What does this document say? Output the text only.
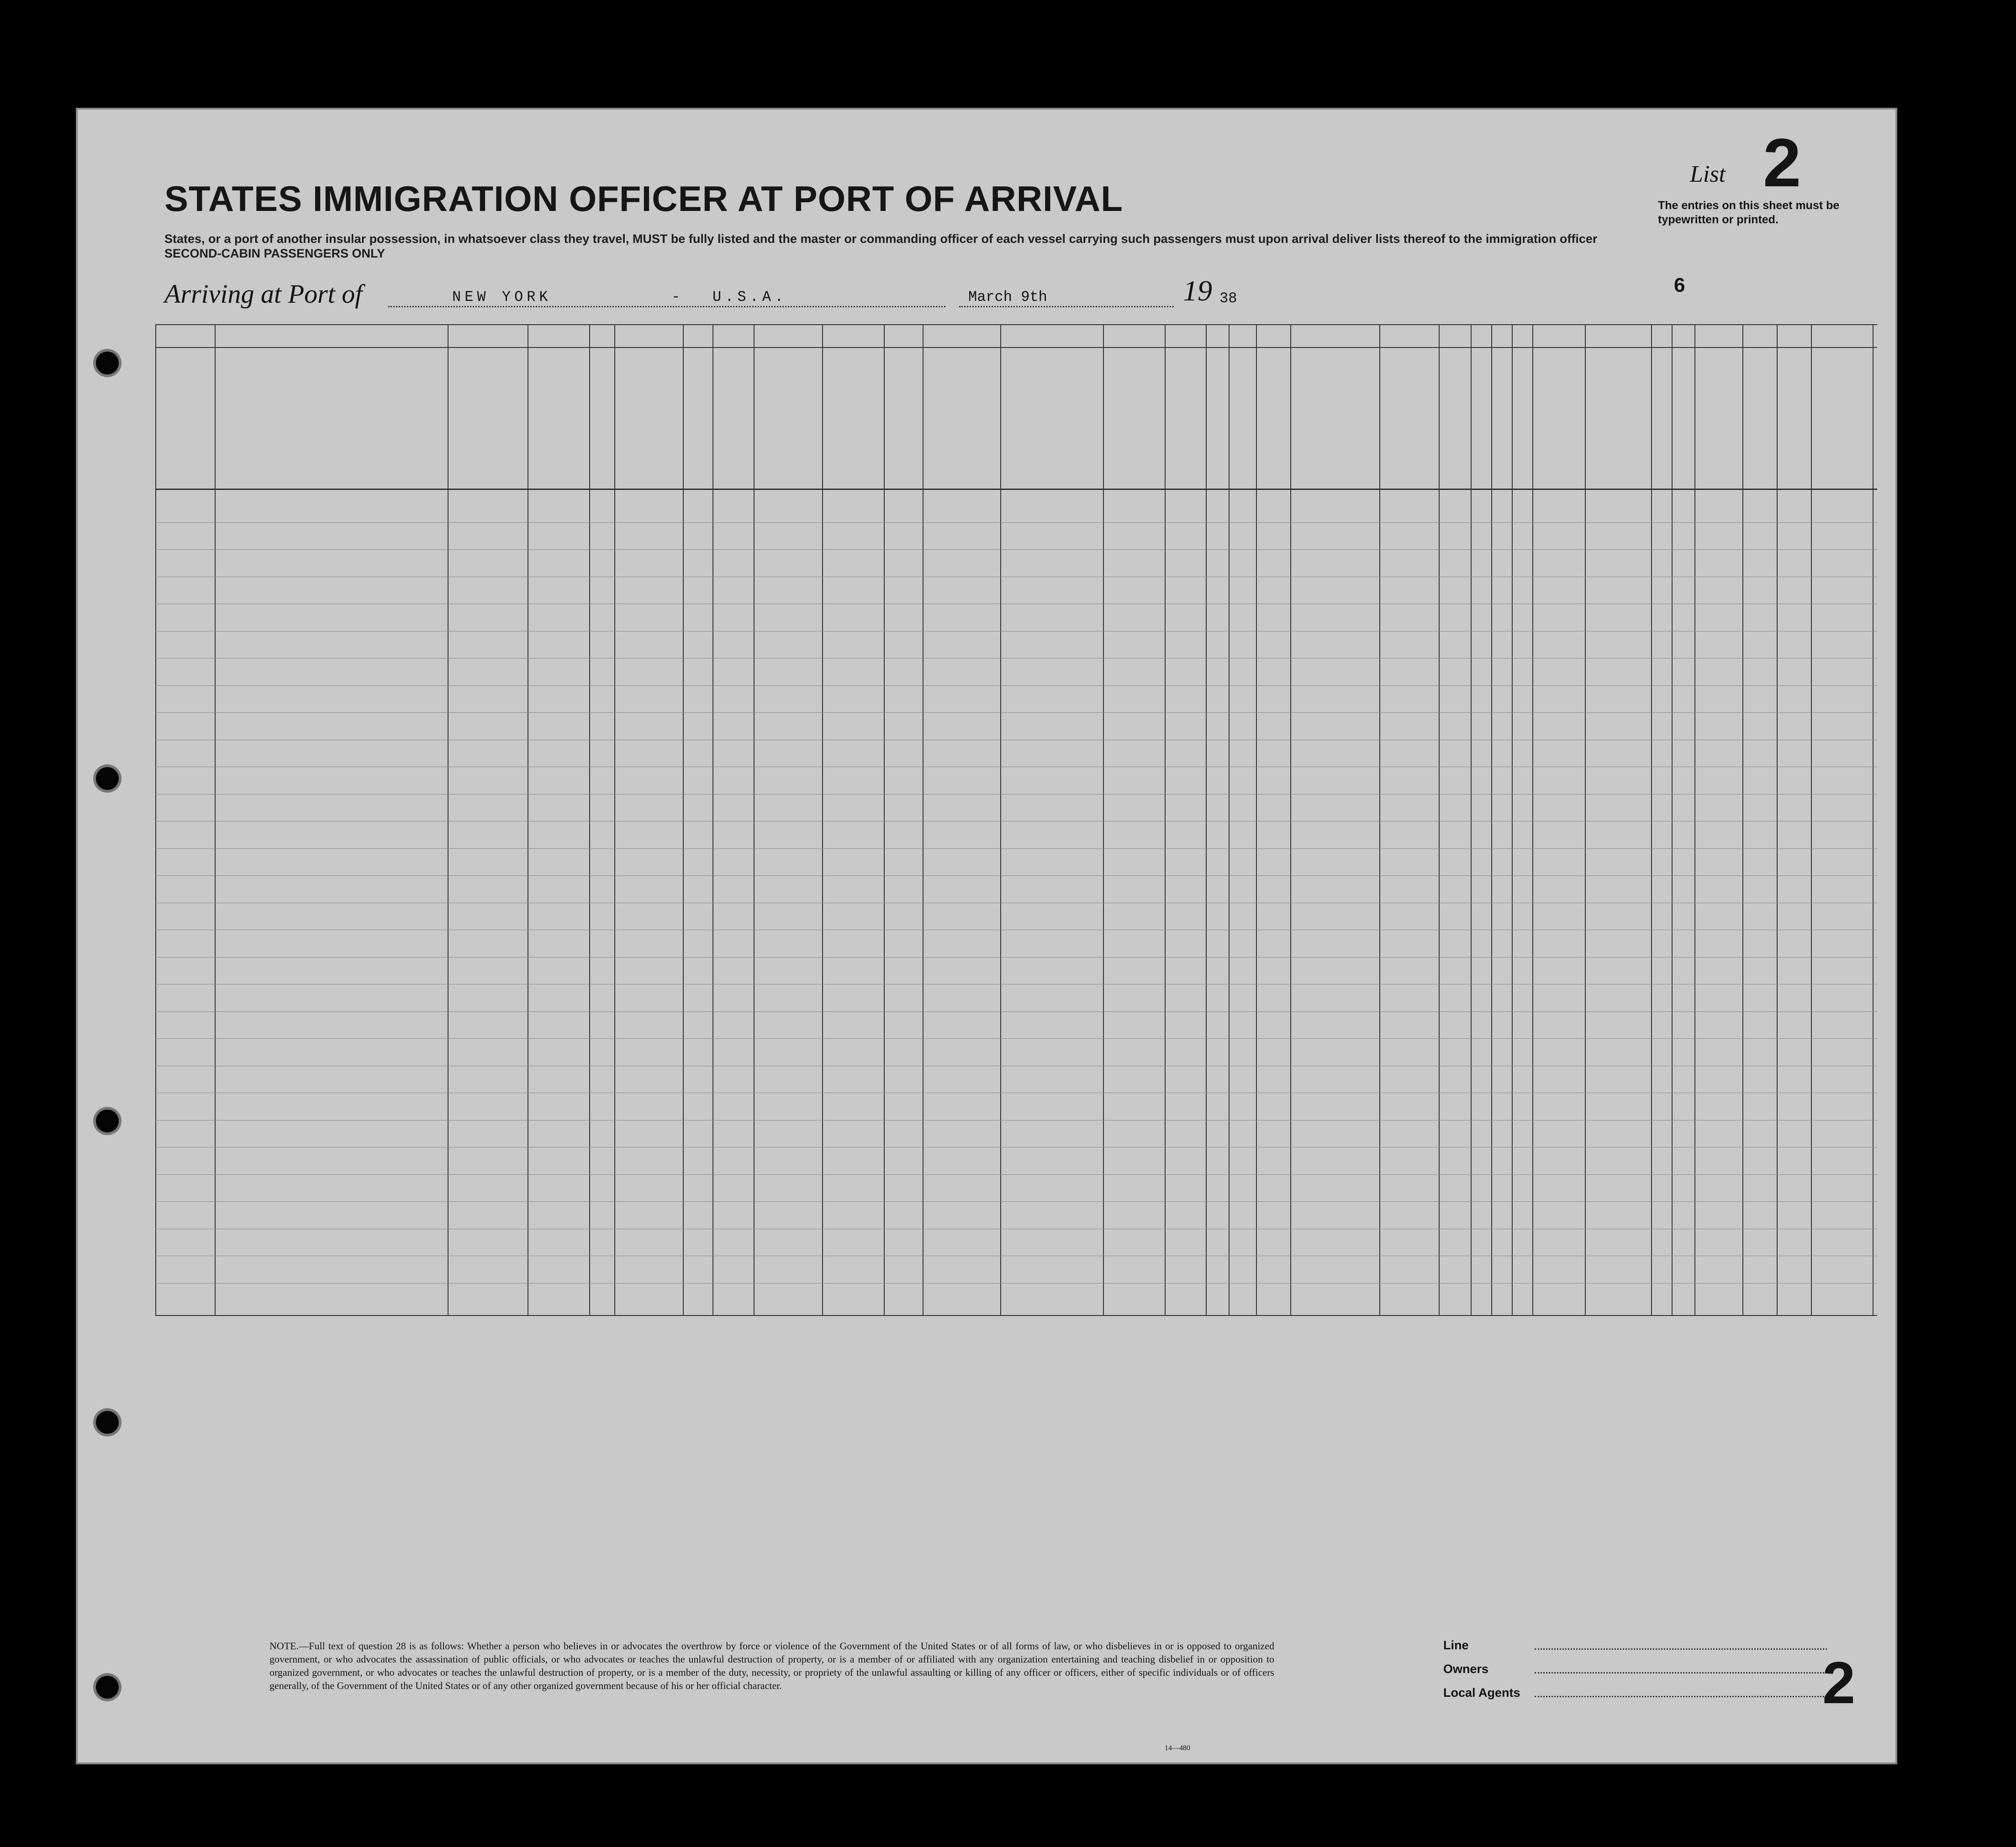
STATES IMMIGRATION OFFICER AT PORT OF ARRIVAL
States, or a port of another insular possession, in whatsoever class they travel, MUST be fully listed and the master or commanding officer of each vessel carrying such passengers must upon arrival deliver lists thereof to the immigration officer
SECOND-CABIN PASSENGERS ONLY
List 2
The entries on this sheet must be typewritten or printed.
Arriving at Port of	NEW YORK	- U.S.A.	March 9th	19 38
6
NOTE.—Full text of question 28 is as follows: Whether a person who believes in or advocates the overthrow by force or violence of the Government of the United States or of all forms of law, or who disbelieves in or is opposed to organized government, or who advocates the assassination of public officials, or who advocates or teaches the unlawful destruction of property, or is a member of or affiliated with any organization entertaining and teaching disbelief in or opposition to organized government, or who advocates or teaches the unlawful destruction of property, or is a member of the duty, necessity, or propriety of the unlawful assaulting or killing of any officer or officers, either of specific individuals or of officers generally, of the Government of the United States or of any other organized government because of his or her official character.
14—480
Line
Owners
Local Agents	2
